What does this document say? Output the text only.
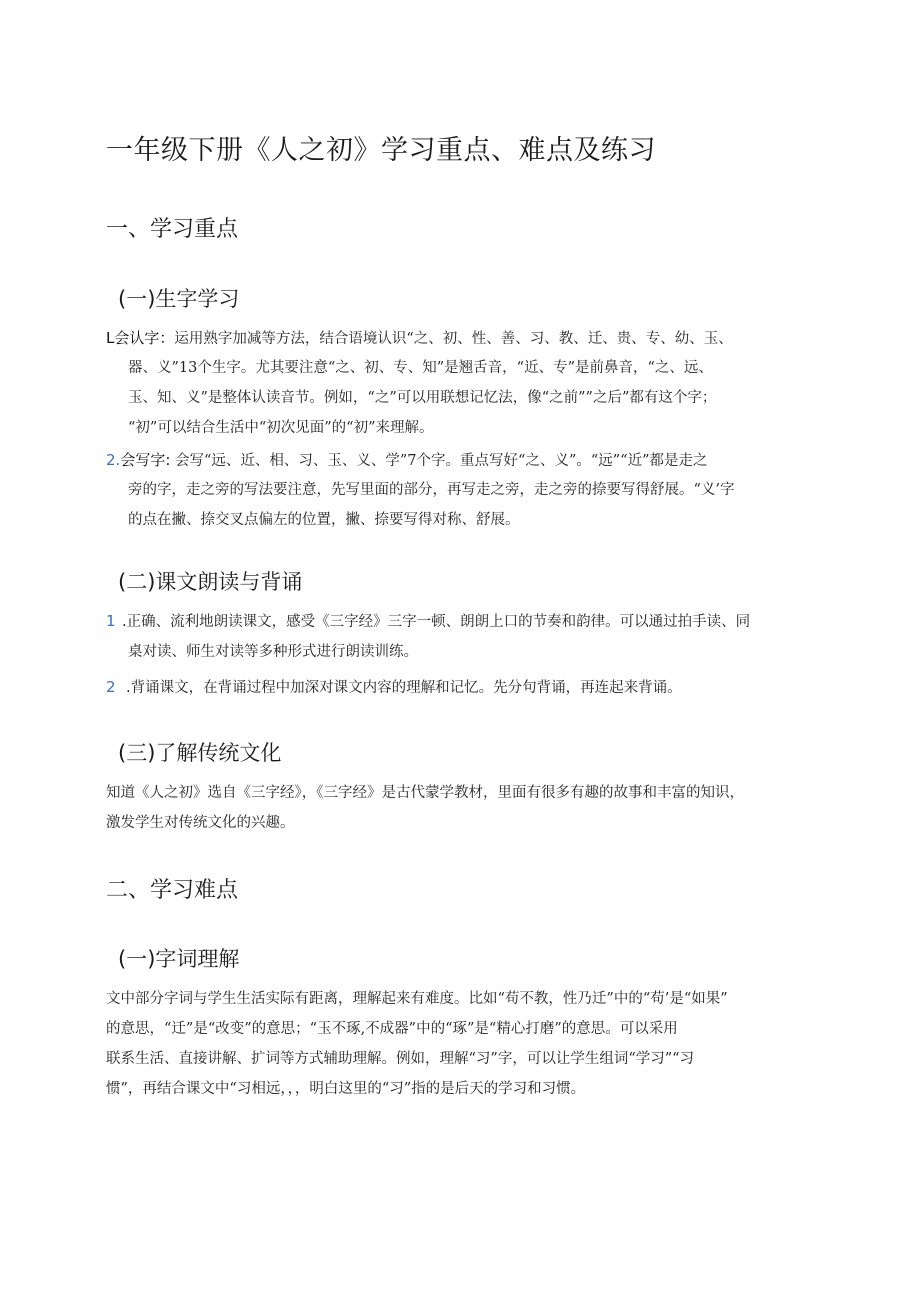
一年级下册《人之初》学习重点、难点及练习
一、学习重点
(一)生字学习
L会认字：运用熟字加减等方法，结合语境认识“之、初、性、善、习、教、迁、贵、专、幼、玉、
器、义”13个生字。尤其要注意“之、初、专、知”是翘舌音，“近、专”是前鼻音，“之、远、
玉、知、义”是整体认读音节。例如，“之”可以用联想记忆法，像“之前””之后”都有这个字；
“初”可以结合生活中“初次见面”的“初”来理解。
2.会写字: 会写“远、近、相、习、玉、义、学”7个字。重点写好“之、义”。“远”“近”都是走之
旁的字，走之旁的写法要注意，先写里面的部分，再写走之旁，走之旁的捺要写得舒展。“义’字
的点在撇、捺交叉点偏左的位置，撇、捺要写得对称、舒展。
(二)课文朗读与背诵
1 .正确、流利地朗读课文，感受《三字经》三字一顿、朗朗上口的节奏和韵律。可以通过拍手读、同
桌对读、师生对读等多种形式进行朗读训练。
2 .背诵课文，在背诵过程中加深对课文内容的理解和记忆。先分句背诵，再连起来背诵。
(三)了解传统文化
知道《人之初》选自《三字经》，《三字经》是古代蒙学教材，里面有很多有趣的故事和丰富的知识，
激发学生对传统文化的兴趣。
二、学习难点
(一)字词理解
文中部分字词与学生生活实际有距离，理解起来有难度。比如“苟不教，性乃迁”中的“苟’是“如果”
的意思，“迁”是“改变”的意思；“玉不琢,不成器”中的“琢”是“精心打磨”的意思。可以采用
联系生活、直接讲解、扩词等方式辅助理解。例如，理解“习”字，可以让学生组词“学习”“习
惯”，再结合课文中“习相远，，，明白这里的“习”指的是后天的学习和习惯。
